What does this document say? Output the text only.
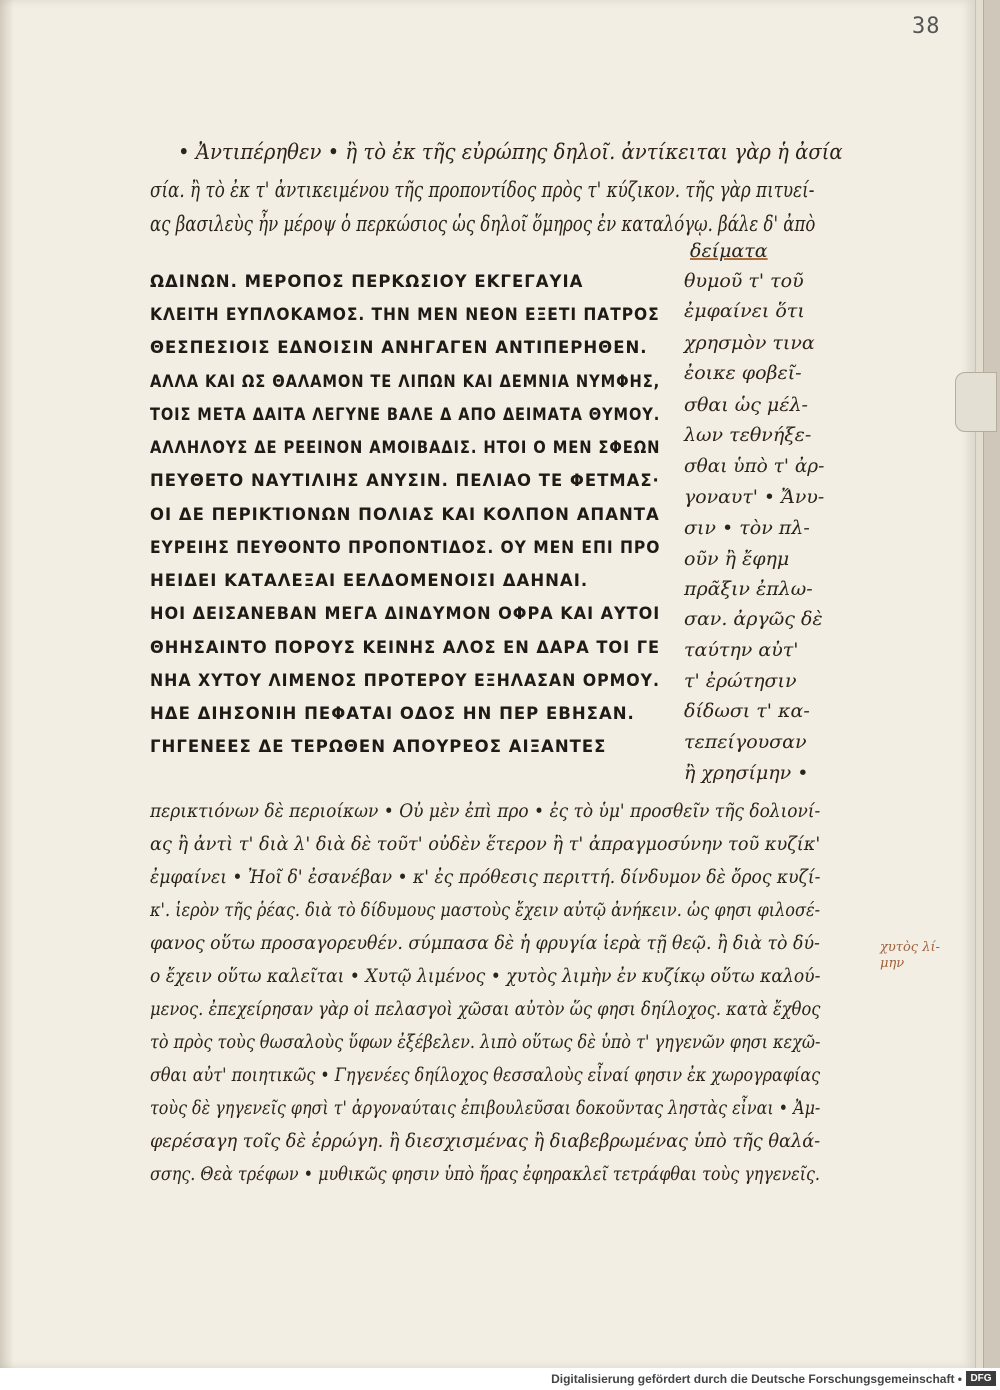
38
• Ἀντιπέρηθεν • ἢ τὸ ἐκ τῆς εὐρώπης δηλοῖ. ἀντίκειται γὰρ ἡ ἀσία
σία. ἢ τὸ ἐκ τ' ἀντικειμένου τῆς προποντίδος πρὸς τ' κύζικον. τῆς γὰρ πιτυεί-
ας βασιλεὺς ἦν μέροψ ὁ περκώσιος ὡς δηλοῖ ὅμηρος ἐν καταλόγῳ. βάλε δ' ἀπὸ
δείματα
θυμοῦ τ' τοῦ
ἐμφαίνει ὅτι
χρησμὸν τινα
ἐοικε φοβεῖ-
σθαι ὡς μέλ-
λων τεθνήξε-
σθαι ὑπὸ τ' ἀρ-
γοναυτ' • Ἄνυ-
σιν • τὸν πλ-
οῦν ἢ ἔφημ
πρᾶξιν ἐπλω-
σαν. ἀργῶς δὲ
ταύτην αὐτ'
τ' ἐρώτησιν
δίδωσι τ' κα-
τεπείγουσαν
ἢ χρησίμην •
ΩΔΙΝΩΝ. ΜΕΡΟΠΟΣ ΠΕΡΚΩΣΙΟΥ ΕΚΓΕΓΑΥΙΑ
ΚΛΕΙΤΗ ΕΥΠΛΟΚΑΜΟΣ. ΤΗΝ ΜΕΝ ΝΕΟΝ ΕΞΕΤΙ ΠΑΤΡΟΣ
ΘΕΣΠΕΣΙΟΙΣ ΕΔΝΟΙΣΙΝ ΑΝΗΓΑΓΕΝ ΑΝΤΙΠΕΡΗΘΕΝ.
ΑΛΛΑ ΚΑΙ ΩΣ ΘΑΛΑΜΟΝ ΤΕ ΛΙΠΩΝ ΚΑΙ ΔΕΜΝΙΑ ΝΥΜΦΗΣ,
ΤΟΙΣ ΜΕΤΑ ΔΑΙΤΑ ΛΕΓΥΝΕ ΒΑΛΕ Δ ΑΠΟ ΔΕΙΜΑΤΑ ΘΥΜΟΥ.
ΑΛΛΗΛΟΥΣ ΔΕ ΡΕΕΙΝΟΝ ΑΜΟΙΒΑΔΙΣ. ΗΤΟΙ Ο ΜΕΝ ΣΦΕΩΝ
ΠΕΥΘΕΤΟ ΝΑΥΤΙΛΙΗΣ ΑΝΥΣΙΝ. ΠΕΛΙΑΟ ΤΕ ΦΕΤΜΑΣ·
ΟΙ ΔΕ ΠΕΡΙΚΤΙΟΝΩΝ ΠΟΛΙΑΣ ΚΑΙ ΚΟΛΠΟΝ ΑΠΑΝΤΑ
ΕΥΡΕΙΗΣ ΠΕΥΘΟΝΤΟ ΠΡΟΠΟΝΤΙΔΟΣ. ΟΥ ΜΕΝ ΕΠΙ ΠΡΟ
ΗΕΙΔΕΙ ΚΑΤΑΛΕΞΑΙ ΕΕΛΔΟΜΕΝΟΙΣΙ ΔΑΗΝΑΙ.
ΗΟΙ ΔΕΙΣΑΝΕΒΑΝ ΜΕΓΑ ΔΙΝΔΥΜΟΝ ΟΦΡΑ ΚΑΙ ΑΥΤΟΙ
ΘΗΗΣΑΙΝΤΟ ΠΟΡΟΥΣ ΚΕΙΝΗΣ ΑΛΟΣ ΕΝ ΔΑΡΑ ΤΟΙ ΓΕ
ΝΗΑ ΧΥΤΟΥ ΛΙΜΕΝΟΣ ΠΡΟΤΕΡΟΥ ΕΞΗΛΑΣΑΝ ΟΡΜΟΥ.
ΗΔΕ ΔΙΗΣΟΝΙΗ ΠΕΦΑΤΑΙ ΟΔΟΣ ΗΝ ΠΕΡ ΕΒΗΣΑΝ.
ΓΗΓΕΝΕΕΣ ΔΕ ΤΕΡΩΘΕΝ ΑΠΟΥΡΕΟΣ ΑΙΞΑΝΤΕΣ
περικτιόνων δὲ περιοίκων • Οὐ μὲν ἐπὶ προ • ἐς τὸ ὑμ' προσθεῖν τῆς δολιονί-
ας ἢ ἀντὶ τ' διὰ λ' διὰ δὲ τοῦτ' οὐδὲν ἕτερον ἢ τ' ἀπραγμοσύνην τοῦ κυζίκ'
ἐμφαίνει • Ἠοῖ δ' ἐσανέβαν • κ' ἐς πρόθεσις περιττή. δίνδυμον δὲ ὄρος κυζί-
κ'. ἱερὸν τῆς ῥέας. διὰ τὸ δίδυμους μαστοὺς ἔχειν αὐτῷ ἀνήκειν. ὡς φησι φιλοσέ-
φανος οὕτω προσαγορευθέν. σύμπασα δὲ ἡ φρυγία ἱερὰ τῇ θεῷ. ἢ διὰ τὸ δύ-
ο ἔχειν οὕτω καλεῖται • Χυτῷ λιμένος • χυτὸς λιμὴν ἐν κυζίκῳ οὕτω καλού-
μενος. ἐπεχείρησαν γὰρ οἱ πελασγοὶ χῶσαι αὐτὸν ὥς φησι δηίλοχος. κατὰ ἔχθος
τὸ πρὸς τοὺς θωσαλοὺς ὕφων ἐξέβελεν. λιπὸ οὕτως δὲ ὑπὸ τ' γηγενῶν φησι κεχῶ-
σθαι αὐτ' ποιητικῶς • Γηγενέες δηίλοχος θεσσαλοὺς εἶναί φησιν ἐκ χωρογραφίας
τοὺς δὲ γηγενεῖς φησὶ τ' ἀργοναύταις ἐπιβουλεῦσαι δοκοῦντας ληστὰς εἶναι • Ἀμ-
φερέσαγη τοῖς δὲ ἐρρώγη. ἢ διεσχισμένας ἢ διαβεβρωμένας ὑπὸ τῆς θαλά-
σσης. Θεὰ τρέφων • μυθικῶς φησιν ὑπὸ ἥρας ἐφηρακλεῖ τετράφθαι τοὺς γηγενεῖς.
χυτὸς λί-
μην
Digitalisierung gefördert durch die Deutsche Forschungsgemeinschaft • DFG
